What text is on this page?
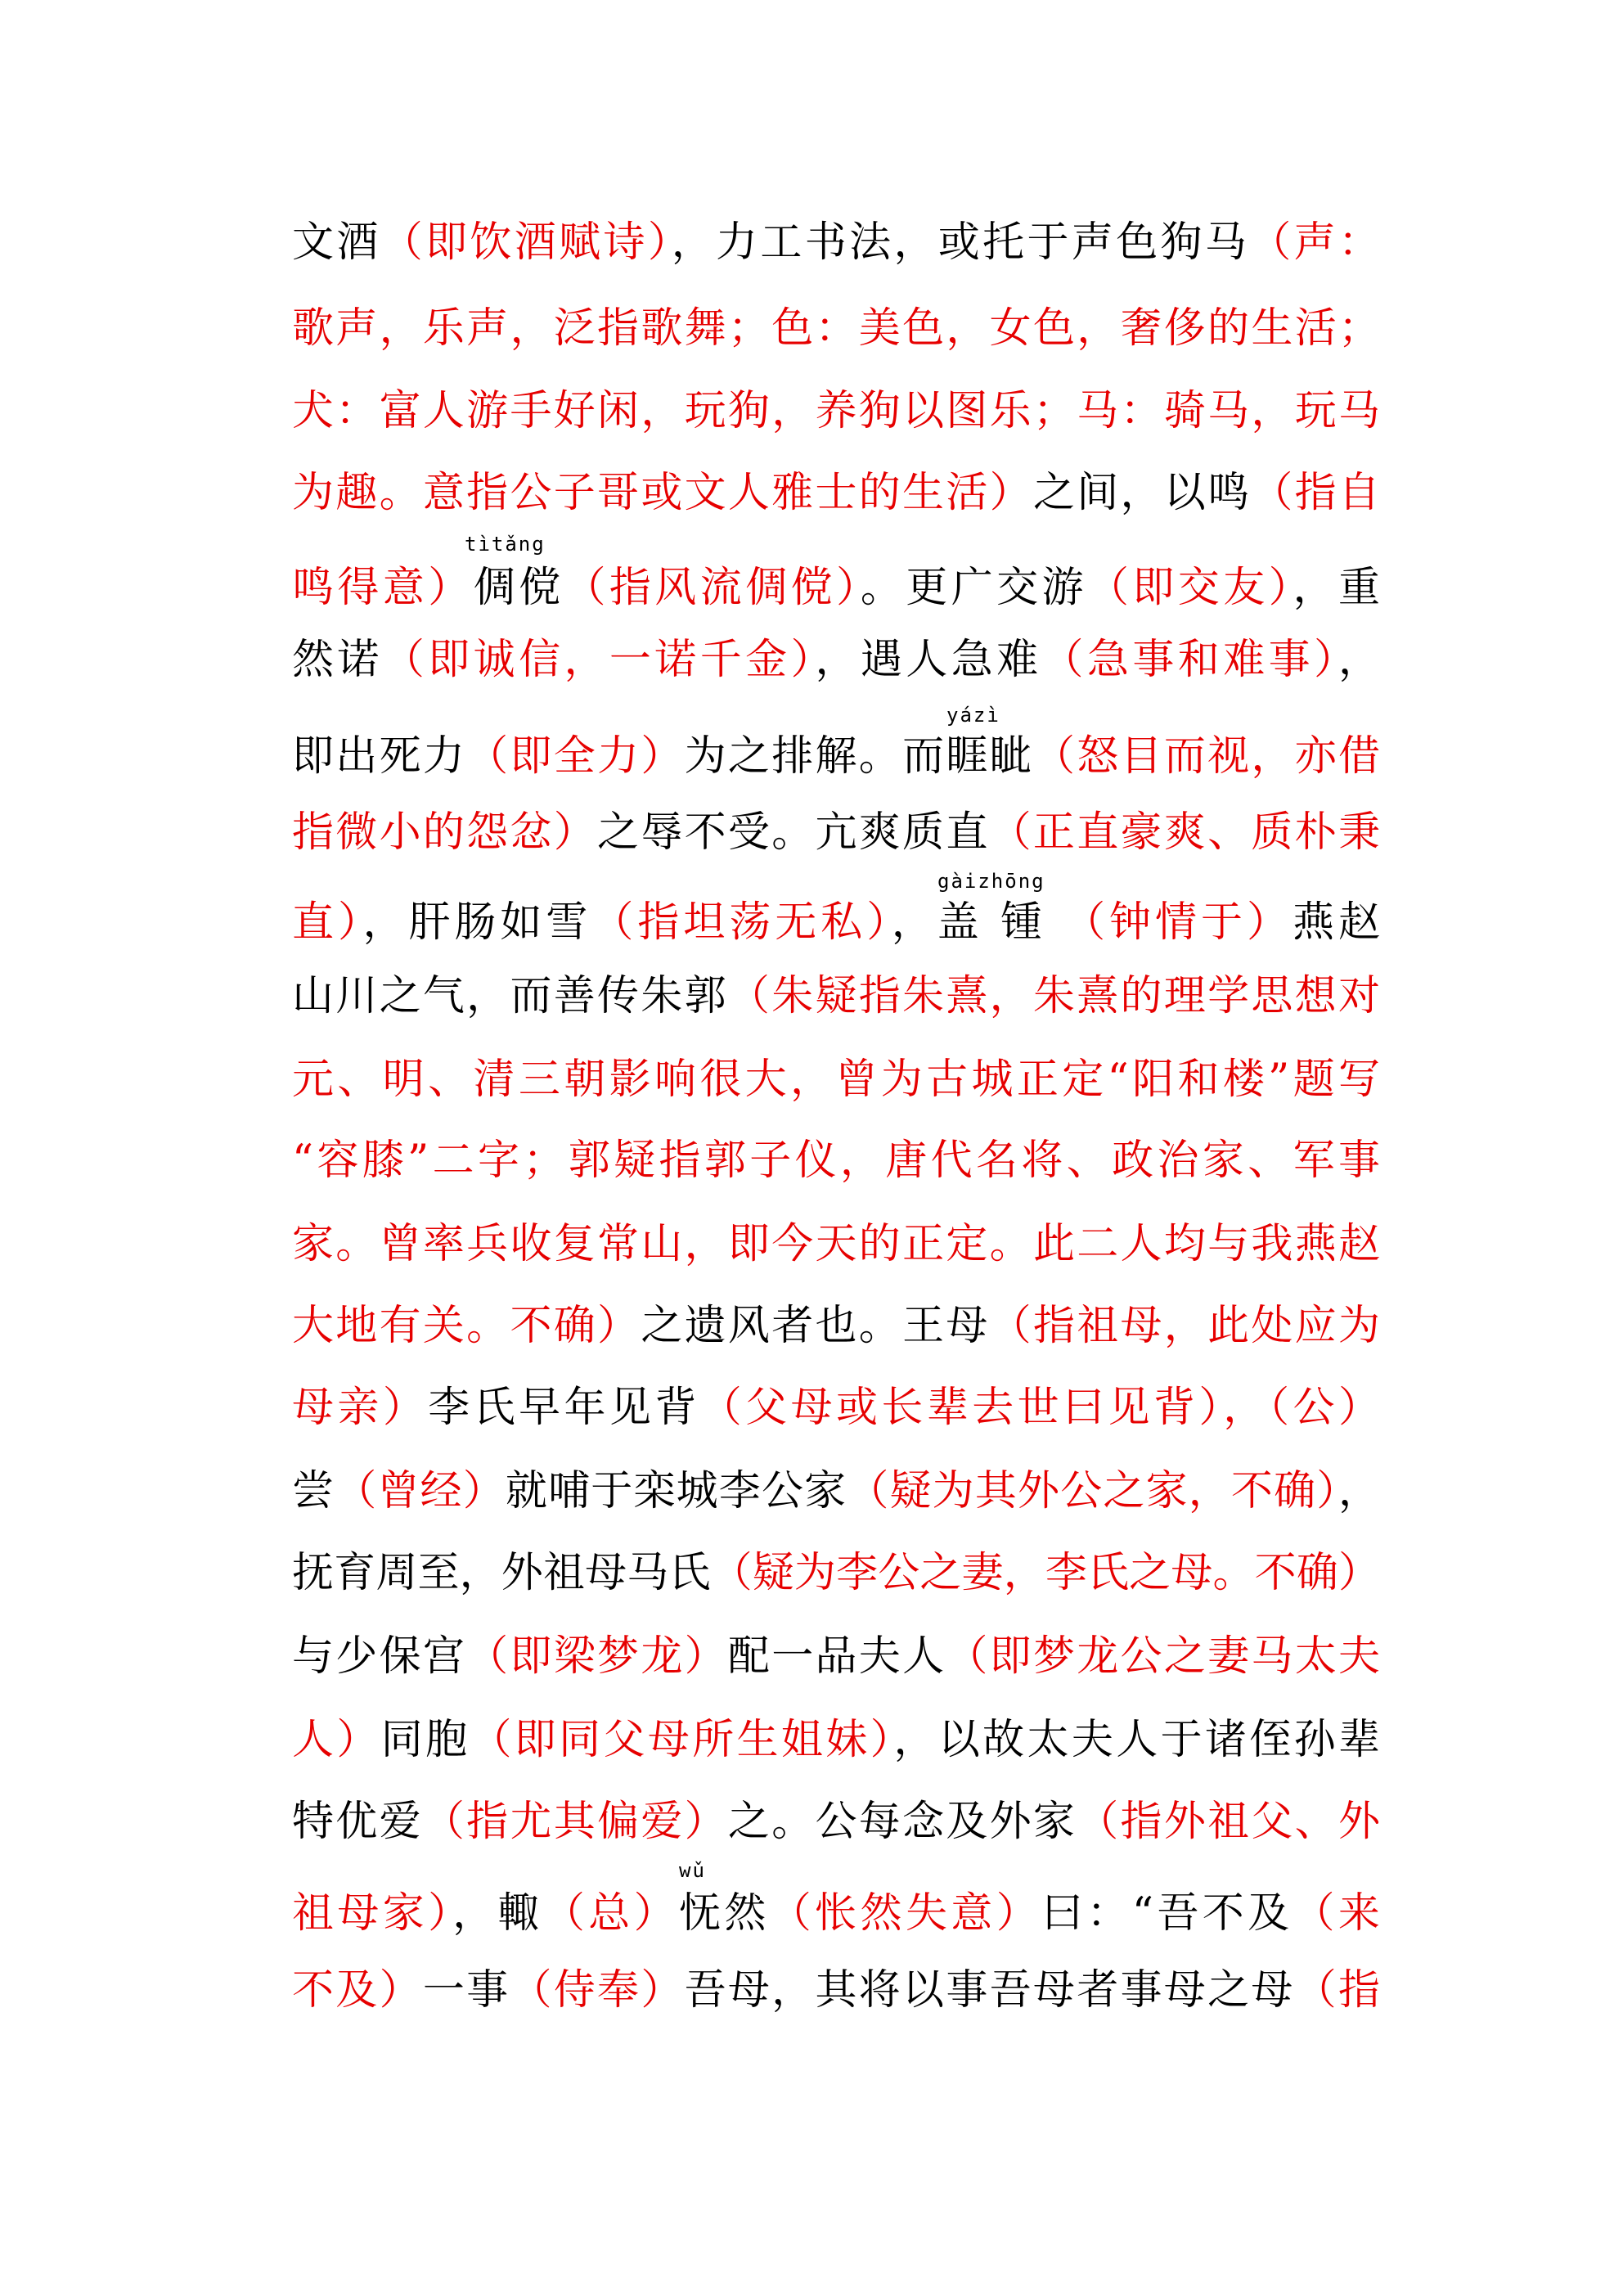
文酒（即饮酒赋诗），力工书法，或托于声色狗马（声：
歌声，乐声，泛指歌舞；色：美色，女色，奢侈的生活；
犬：富人游手好闲，玩狗，养狗以图乐；马：骑马，玩马
为趣。意指公子哥或文人雅士的生活）之间，以鸣（指自
鸣得意）倜傥（指风流倜傥）。更广交游（即交友），重
然诺（即诚信，一诺千金），遇人急难（急事和难事），
即出死力（即全力）为之排解。而睚眦（怒目而视，亦借
指微小的怨忿）之辱不受。亢爽质直（正直豪爽、质朴秉
直），肝肠如雪（指坦荡无私），盖 锺 （钟情于）燕赵
山川之气，而善传朱郭（朱疑指朱熹，朱熹的理学思想对
元、明、清三朝影响很大，曾为古城正定“阳和楼”题写
“容膝”二字；郭疑指郭子仪，唐代名将、政治家、军事
家。曾率兵收复常山，即今天的正定。此二人均与我燕赵
大地有关。不确）之遗风者也。王母（指祖母，此处应为
母亲）李氏早年见背（父母或长辈去世曰见背），（公）
尝（曾经）就哺于栾城李公家（疑为其外公之家，不确），
抚育周至，外祖母马氏（疑为李公之妻，李氏之母。不确）
与少保宫（即梁梦龙）配一品夫人（即梦龙公之妻马太夫
人）同胞（即同父母所生姐妹），以故太夫人于诸侄孙辈
特优爱（指尤其偏爱）之。公每念及外家（指外祖父、外
祖母家），輙（总）怃然（怅然失意）曰：“吾不及（来
不及）一事（侍奉）吾母，其将以事吾母者事母之母（指
tìtǎng
yázì
gàizhōng
wǔ
